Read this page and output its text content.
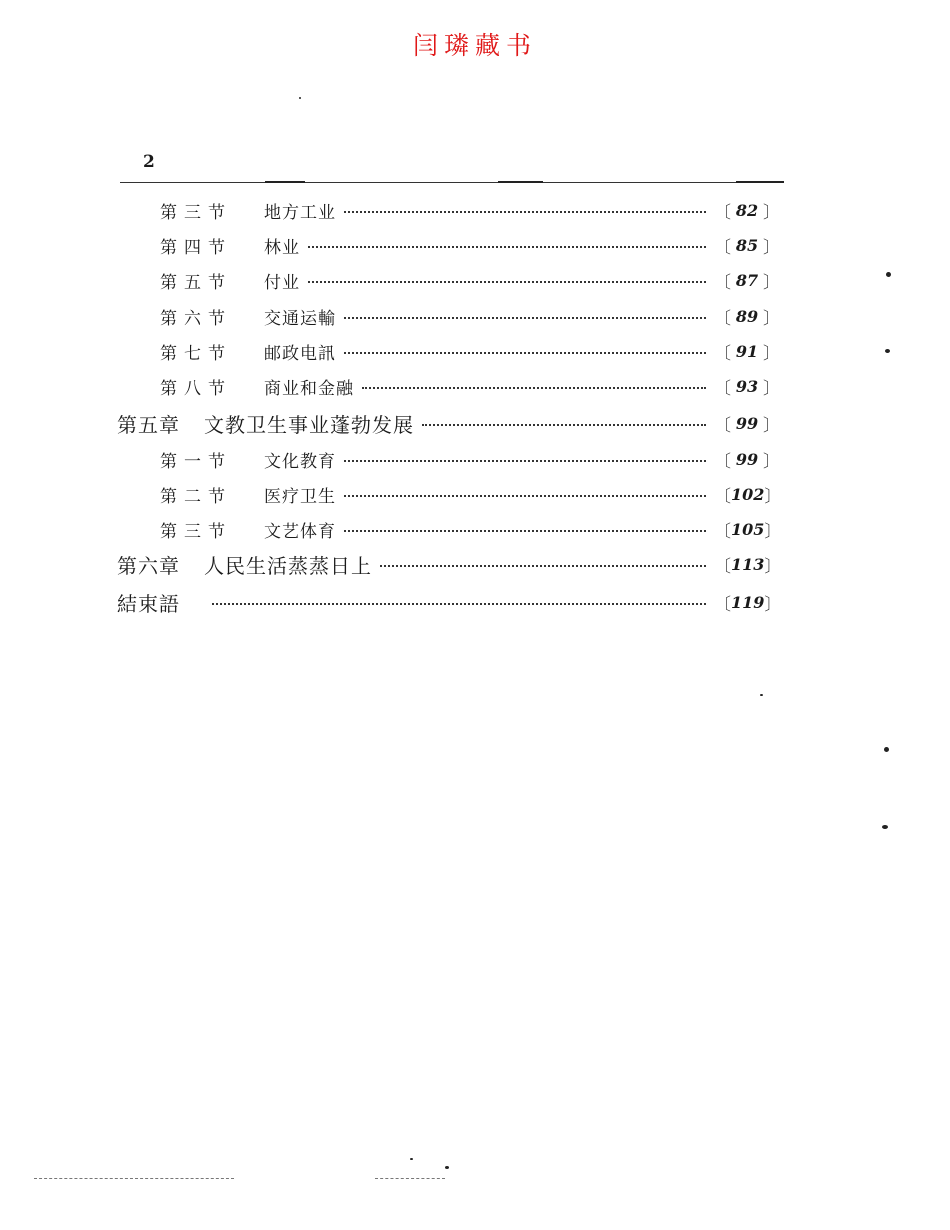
闫璘藏书
2
第三节	地方工业	〔 82 〕
第四节	林业	〔 85 〕
第五节	付业	〔 87 〕
第六节	交通运輸	〔 89 〕
第七节	邮政电訊	〔 91 〕
第八节	商业和金融	〔 93 〕
第五章 文教卫生事业蓬勃发展	〔 99 〕
第一节	文化教育	〔 99 〕
第二节	医疗卫生	〔 102 〕
第三节	文艺体育	〔 105 〕
第六章 人民生活蒸蒸日上	〔 113 〕
結束語	〔 119 〕
